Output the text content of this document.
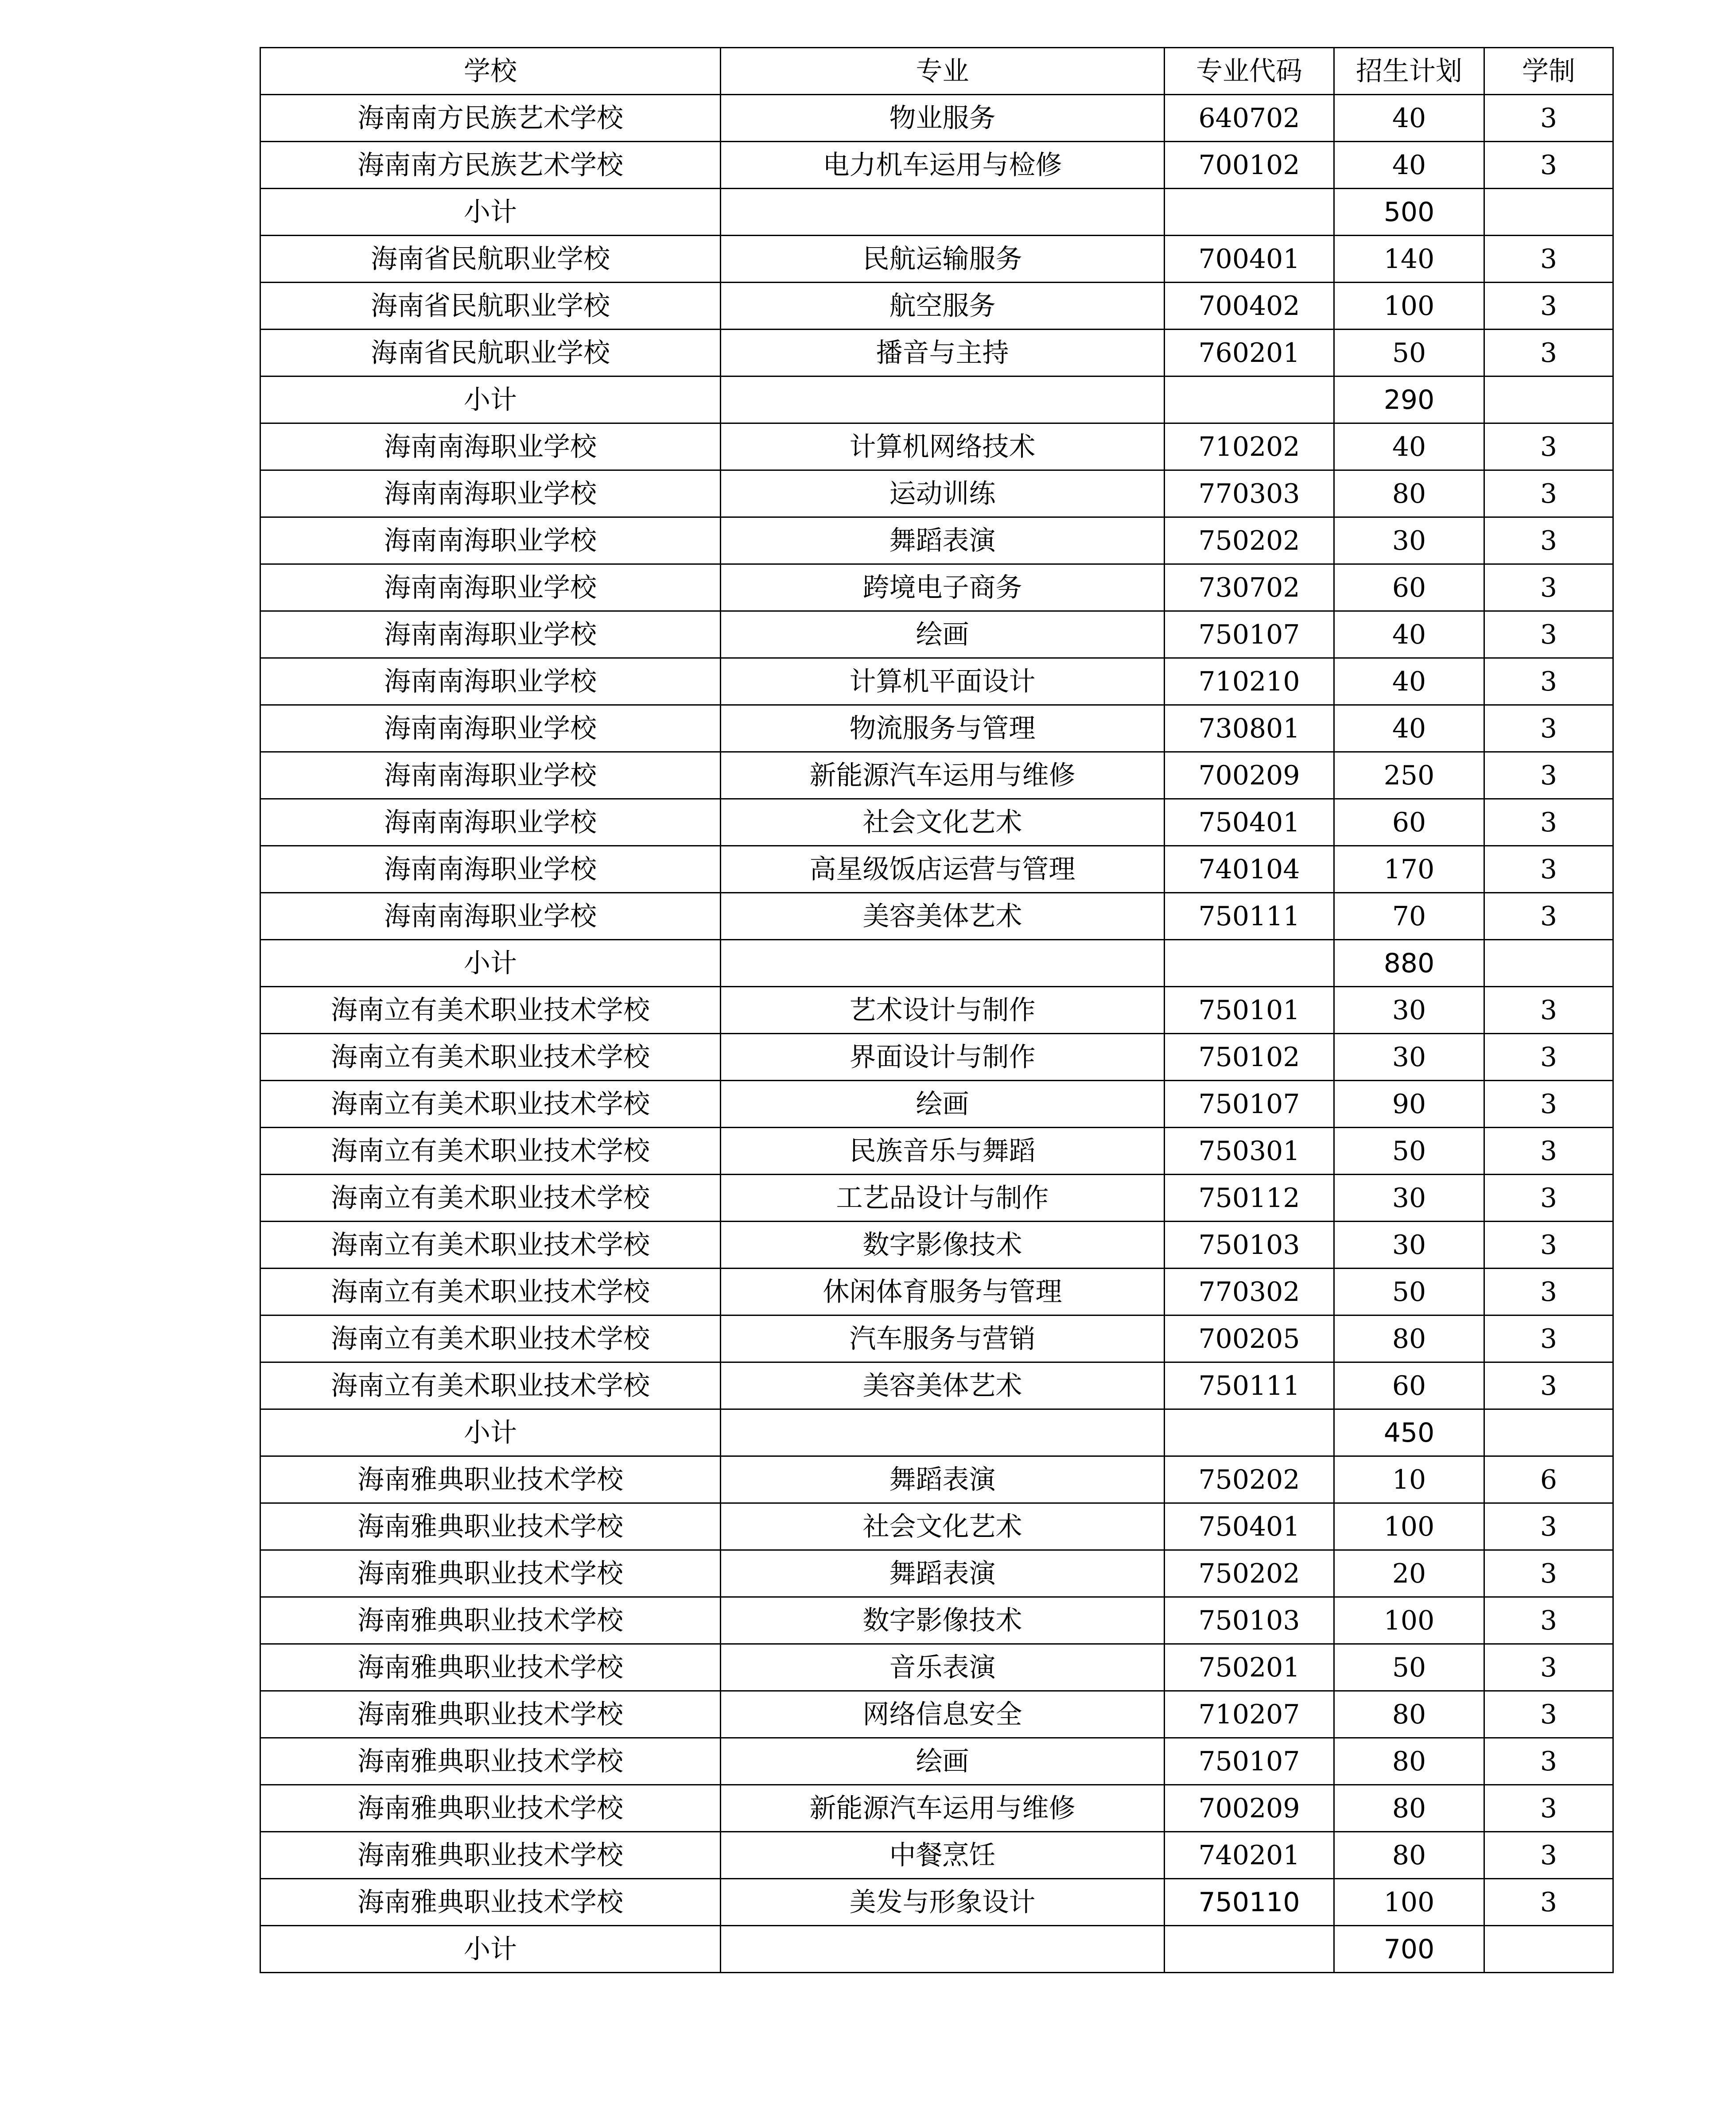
学校	专业	专业代码	招生计划	学制
海南南方民族艺术学校	物业服务	640702	40	3
海南南方民族艺术学校	电力机车运用与检修	700102	40	3
小计			500	
海南省民航职业学校	民航运输服务	700401	140	3
海南省民航职业学校	航空服务	700402	100	3
海南省民航职业学校	播音与主持	760201	50	3
小计			290	
海南南海职业学校	计算机网络技术	710202	40	3
海南南海职业学校	运动训练	770303	80	3
海南南海职业学校	舞蹈表演	750202	30	3
海南南海职业学校	跨境电子商务	730702	60	3
海南南海职业学校	绘画	750107	40	3
海南南海职业学校	计算机平面设计	710210	40	3
海南南海职业学校	物流服务与管理	730801	40	3
海南南海职业学校	新能源汽车运用与维修	700209	250	3
海南南海职业学校	社会文化艺术	750401	60	3
海南南海职业学校	高星级饭店运营与管理	740104	170	3
海南南海职业学校	美容美体艺术	750111	70	3
小计			880	
海南立有美术职业技术学校	艺术设计与制作	750101	30	3
海南立有美术职业技术学校	界面设计与制作	750102	30	3
海南立有美术职业技术学校	绘画	750107	90	3
海南立有美术职业技术学校	民族音乐与舞蹈	750301	50	3
海南立有美术职业技术学校	工艺品设计与制作	750112	30	3
海南立有美术职业技术学校	数字影像技术	750103	30	3
海南立有美术职业技术学校	休闲体育服务与管理	770302	50	3
海南立有美术职业技术学校	汽车服务与营销	700205	80	3
海南立有美术职业技术学校	美容美体艺术	750111	60	3
小计			450	
海南雅典职业技术学校	舞蹈表演	750202	10	6
海南雅典职业技术学校	社会文化艺术	750401	100	3
海南雅典职业技术学校	舞蹈表演	750202	20	3
海南雅典职业技术学校	数字影像技术	750103	100	3
海南雅典职业技术学校	音乐表演	750201	50	3
海南雅典职业技术学校	网络信息安全	710207	80	3
海南雅典职业技术学校	绘画	750107	80	3
海南雅典职业技术学校	新能源汽车运用与维修	700209	80	3
海南雅典职业技术学校	中餐烹饪	740201	80	3
海南雅典职业技术学校	美发与形象设计	750110	100	3
小计			700	
